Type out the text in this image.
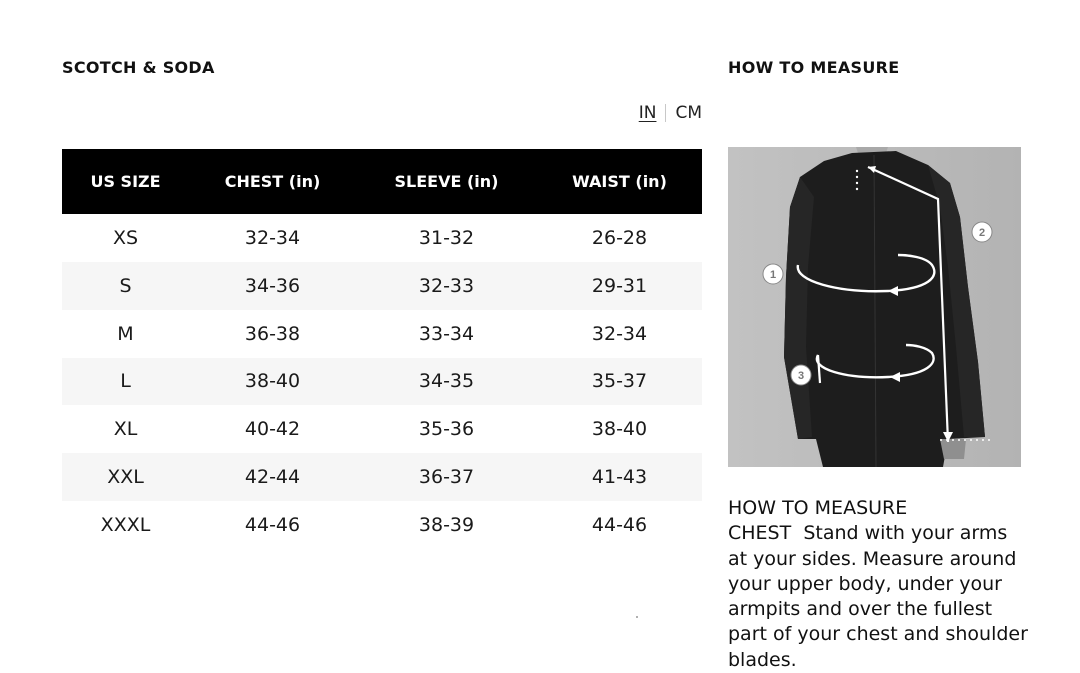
SCOTCH & SODA	HOW TO MEASURE
IN CM
US SIZE	CHEST (in)	SLEEVE (in)	WAIST (in)
XS	32-34	31-32	26-28
S	34-36	32-33	29-31
M	36-38	33-34	32-34
L	38-40	34-35	35-37
XL	40-42	35-36	38-40
XXL	42-44	36-37	41-43
XXXL	44-46	38-39	44-46
1
2
3
HOW TO MEASURE
CHEST Stand with your arms at your sides. Measure around your upper body, under your armpits and over the fullest part of your chest and shoulder blades.
